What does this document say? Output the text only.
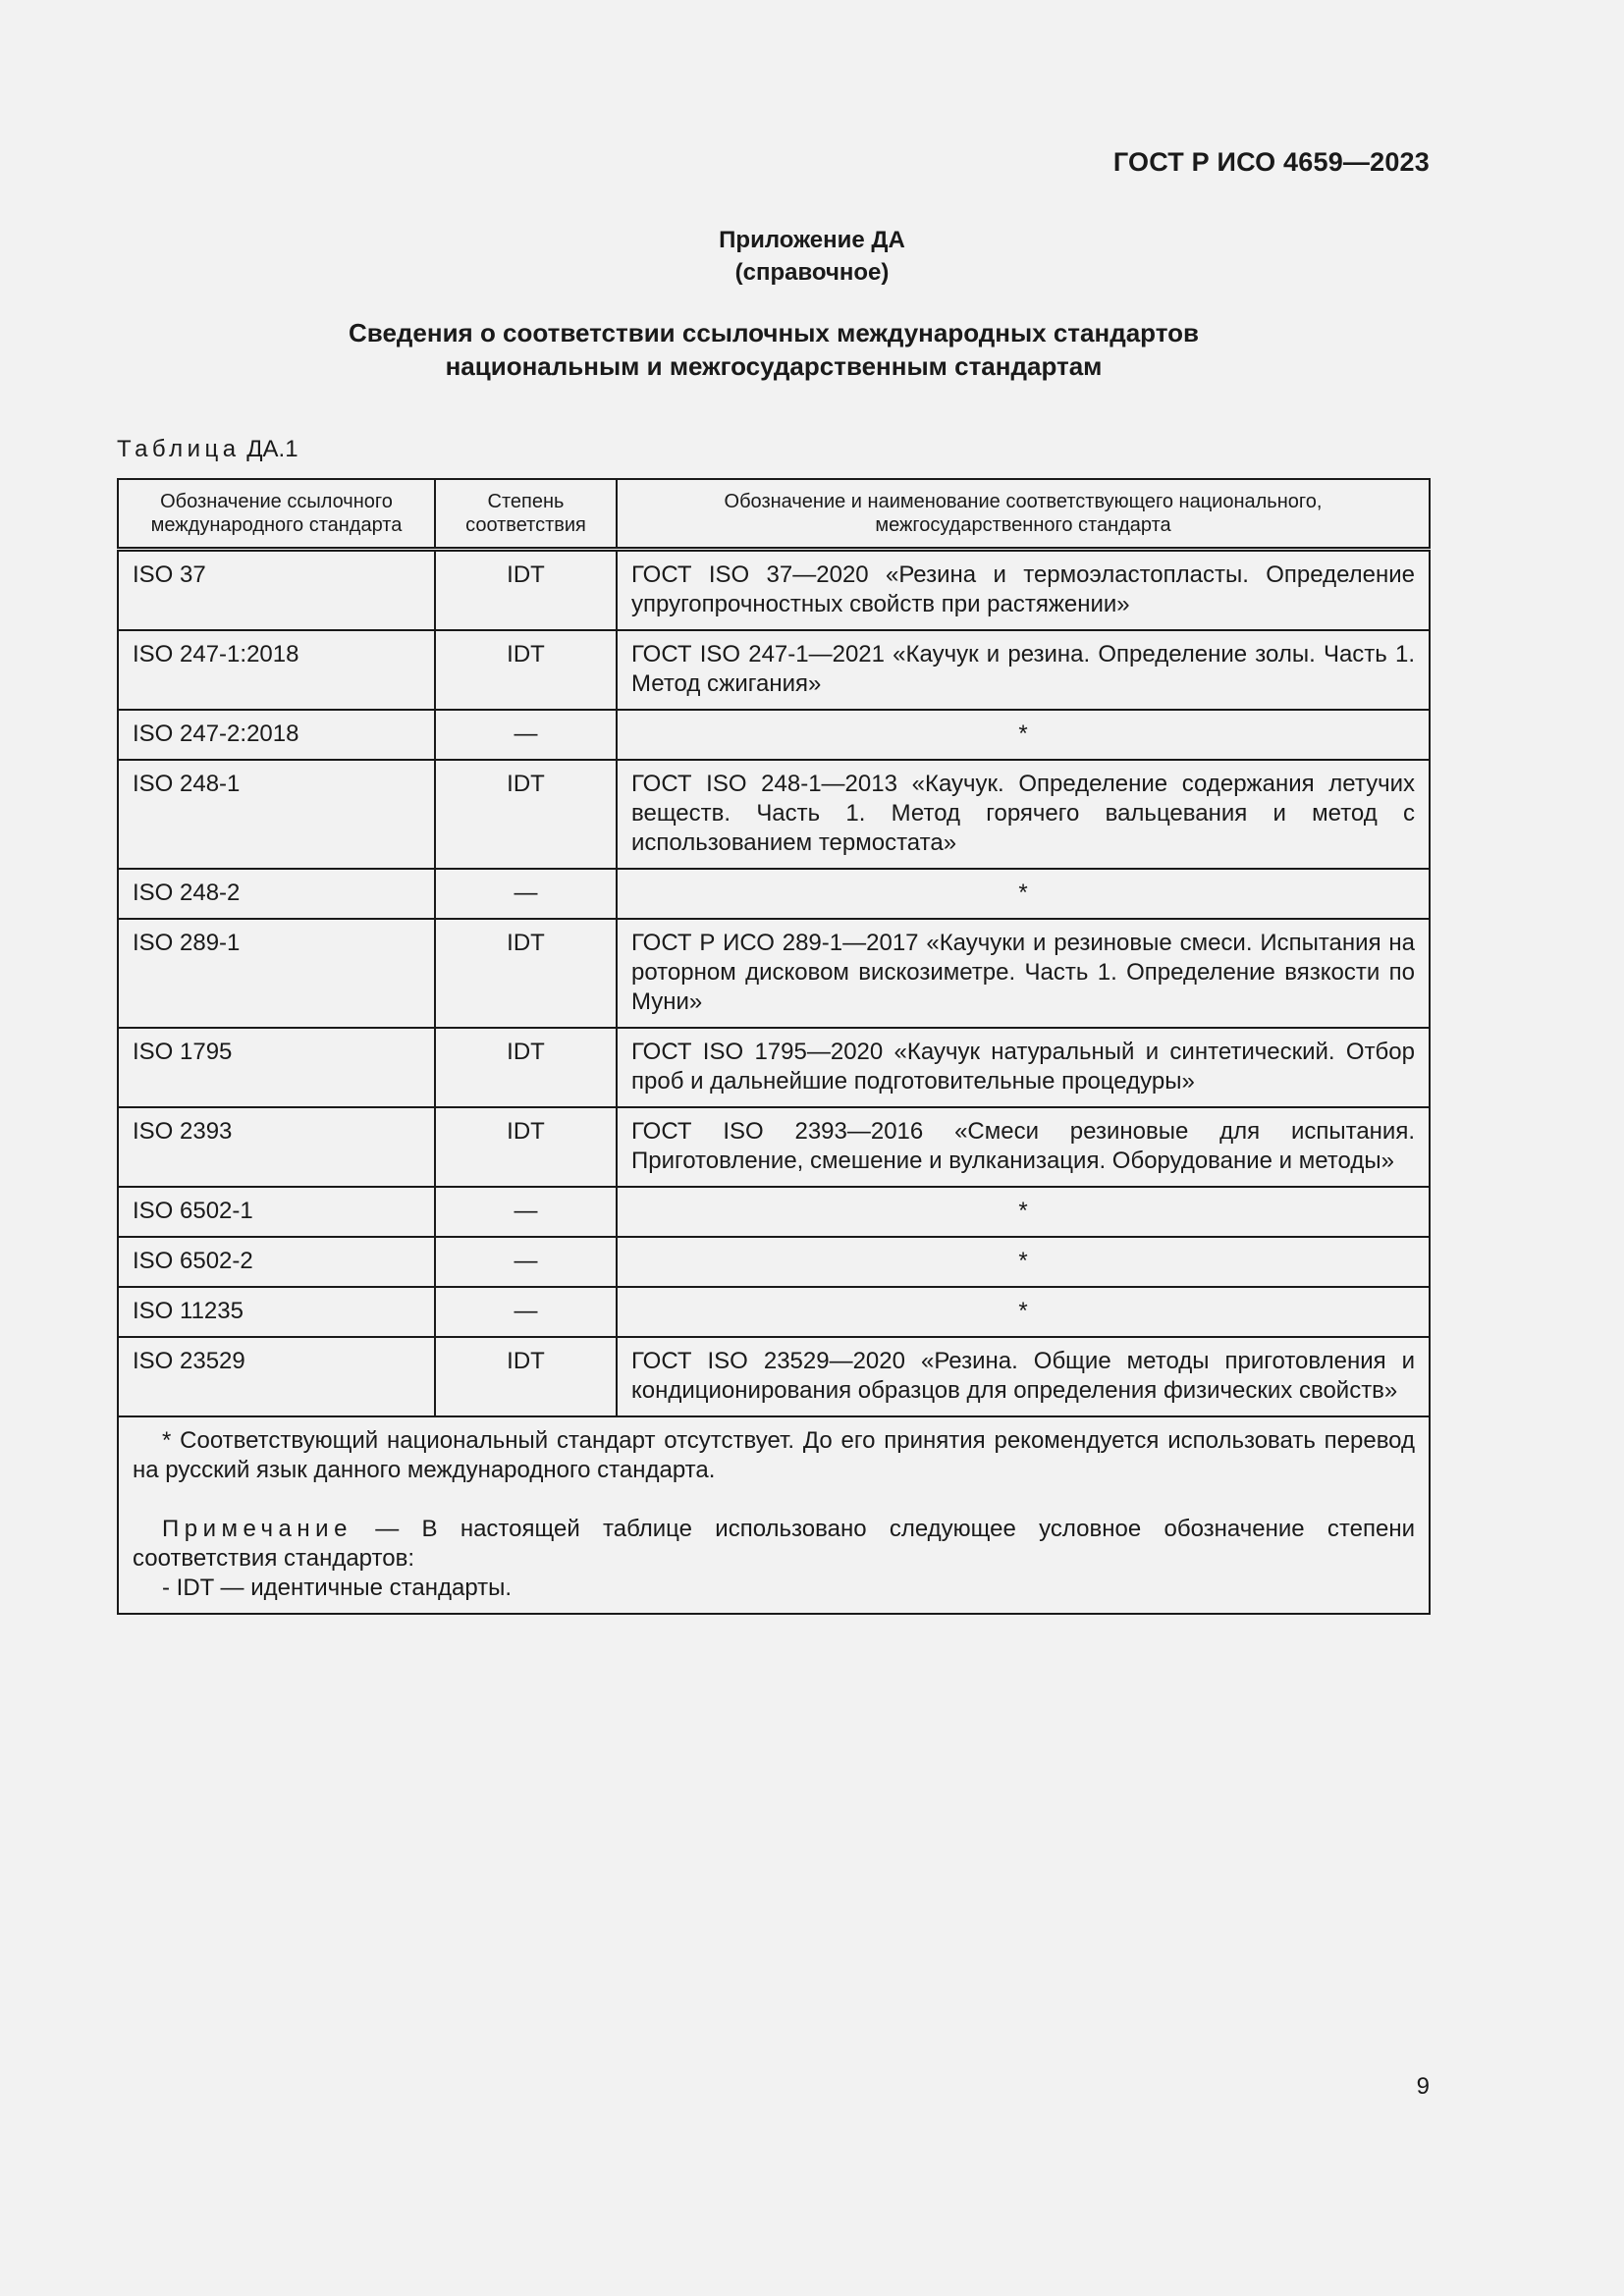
ГОСТ Р ИСО 4659—2023
Приложение ДА
(справочное)
Сведения о соответствии ссылочных международных стандартов
национальным и межгосударственным стандартам
Таблица ДА.1
Обозначение ссылочного международного стандарта	Степень соответствия	Обозначение и наименование соответствующего национального, межгосударственного стандарта
ISO 37	IDT	ГОСТ ISO 37—2020 «Резина и термоэластопласты. Определение упругопрочностных свойств при растяжении»
ISO 247-1:2018	IDT	ГОСТ ISO 247-1—2021 «Каучук и резина. Определение золы. Часть 1. Метод сжигания»
ISO 247-2:2018	—	*
ISO 248-1	IDT	ГОСТ ISO 248-1—2013 «Каучук. Определение содержания летучих веществ. Часть 1. Метод горячего вальцевания и метод с использованием термостата»
ISO 248-2	—	*
ISO 289-1	IDT	ГОСТ Р ИСО 289-1—2017 «Каучуки и резиновые смеси. Испытания на роторном дисковом вискозиметре. Часть 1. Определение вязкости по Муни»
ISO 1795	IDT	ГОСТ ISO 1795—2020 «Каучук натуральный и синтетический. Отбор проб и дальнейшие подготовительные процедуры»
ISO 2393	IDT	ГОСТ ISO 2393—2016 «Смеси резиновые для испытания. Приготовление, смешение и вулканизация. Оборудование и методы»
ISO 6502-1	—	*
ISO 6502-2	—	*
ISO 11235	—	*
ISO 23529	IDT	ГОСТ ISO 23529—2020 «Резина. Общие методы приготовления и кондиционирования образцов для определения физических свойств»

* Соответствующий национальный стандарт отсутствует. До его принятия рекомендуется использовать перевод на русский язык данного международного стандарта.

Примечание — В настоящей таблице использовано следующее условное обозначение степени соответствия стандартов:

- IDT — идентичные стандарты.		

9
